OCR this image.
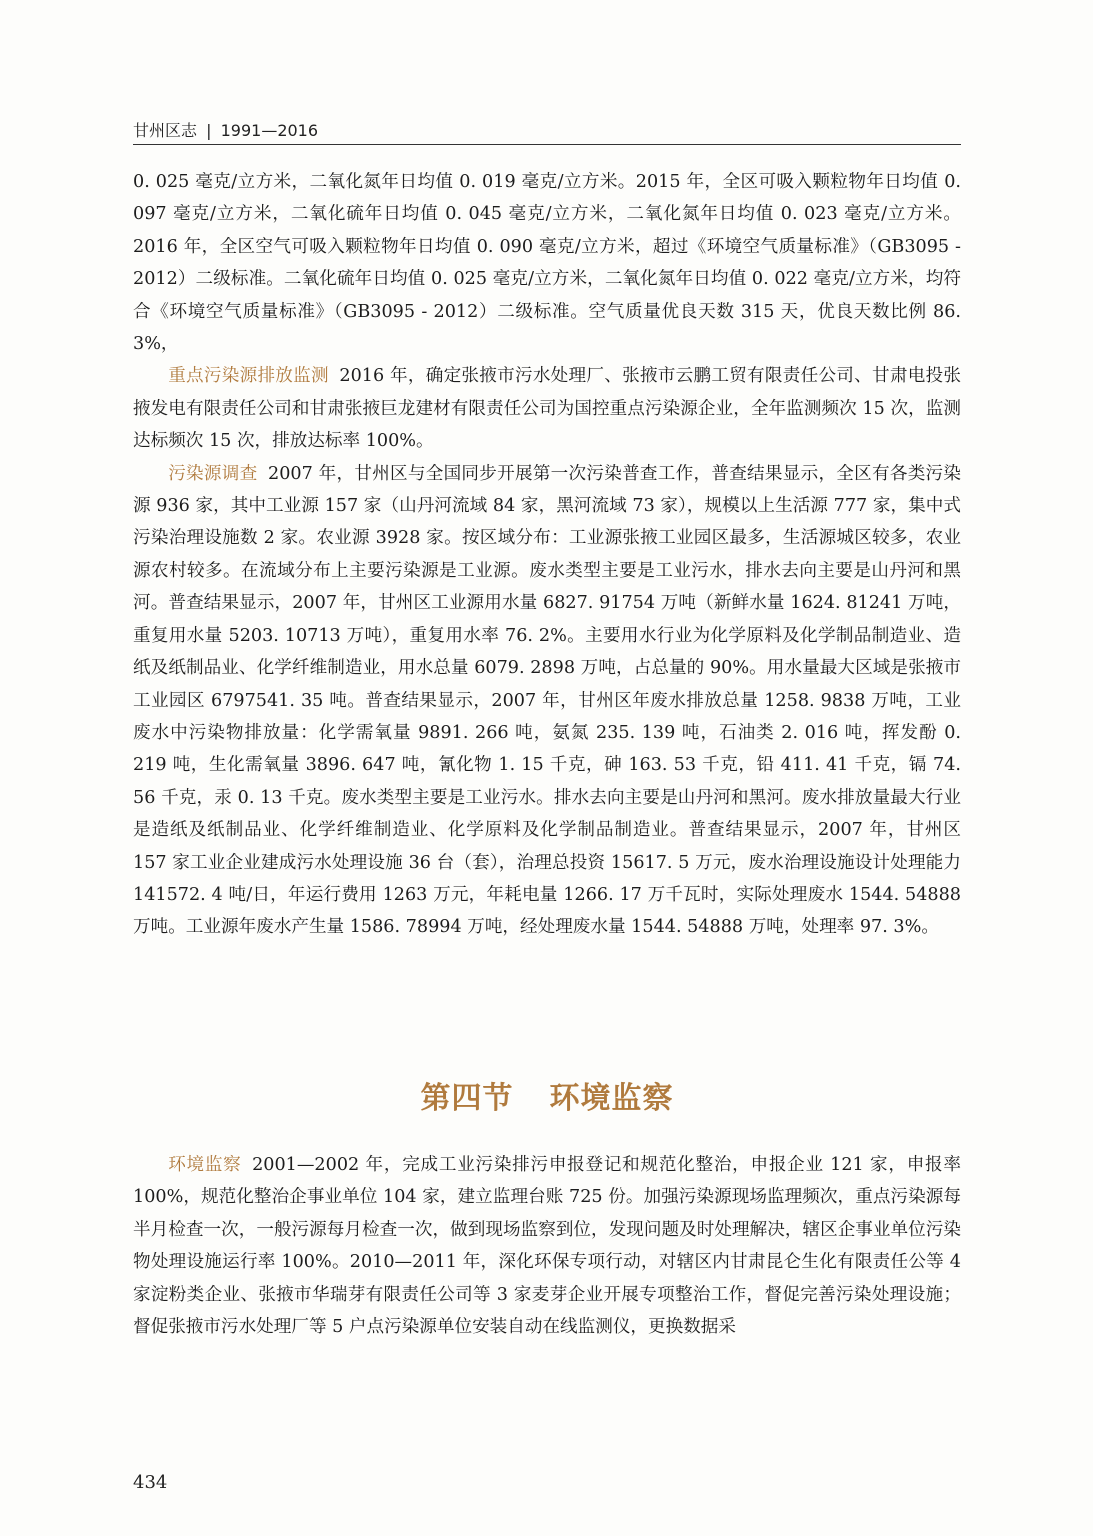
甘州区志 | 1991—2016

0. 025 毫克/立方米，二氧化氮年日均值 0. 019 毫克/立方米。2015 年，全区可吸入颗粒物年日均值 0. 097 毫克/立方米，二氧化硫年日均值 0. 045 毫克/立方米，二氧化氮年日均值 0. 023 毫克/立方米。2016 年，全区空气可吸入颗粒物年日均值 0. 090 毫克/立方米，超过《环境空气质量标准》（GB3095 - 2012）二级标准。二氧化硫年日均值 0. 025 毫克/立方米，二氧化氮年日均值 0. 022 毫克/立方米，均符合《环境空气质量标准》（GB3095 - 2012）二级标准。空气质量优良天数 315 天，优良天数比例 86. 3%，

重点污染源排放监测 2016 年，确定张掖市污水处理厂、张掖市云鹏工贸有限责任公司、甘肃电投张掖发电有限责任公司和甘肃张掖巨龙建材有限责任公司为国控重点污染源企业，全年监测频次 15 次，监测达标频次 15 次，排放达标率 100%。

污染源调查 2007 年，甘州区与全国同步开展第一次污染普查工作，普查结果显示，全区有各类污染源 936 家，其中工业源 157 家（山丹河流域 84 家，黑河流域 73 家），规模以上生活源 777 家，集中式污染治理设施数 2 家。农业源 3928 家。按区域分布：工业源张掖工业园区最多，生活源城区较多，农业源农村较多。在流域分布上主要污染源是工业源。废水类型主要是工业污水，排水去向主要是山丹河和黑河。普查结果显示，2007 年，甘州区工业源用水量 6827. 91754 万吨（新鲜水量 1624. 81241 万吨，重复用水量 5203. 10713 万吨），重复用水率 76. 2%。主要用水行业为化学原料及化学制品制造业、造纸及纸制品业、化学纤维制造业，用水总量 6079. 2898 万吨，占总量的 90%。用水量最大区域是张掖市工业园区 6797541. 35 吨。普查结果显示，2007 年，甘州区年废水排放总量 1258. 9838 万吨，工业废水中污染物排放量：化学需氧量 9891. 266 吨，氨氮 235. 139 吨，石油类 2. 016 吨，挥发酚 0. 219 吨，生化需氧量 3896. 647 吨，氰化物 1. 15 千克，砷 163. 53 千克，铅 411. 41 千克，镉 74. 56 千克，汞 0. 13 千克。废水类型主要是工业污水。排水去向主要是山丹河和黑河。废水排放量最大行业是造纸及纸制品业、化学纤维制造业、化学原料及化学制品制造业。普查结果显示，2007 年，甘州区 157 家工业企业建成污水处理设施 36 台（套），治理总投资 15617. 5 万元，废水治理设施设计处理能力 141572. 4 吨/日，年运行费用 1263 万元，年耗电量 1266. 17 万千瓦时，实际处理废水 1544. 54888 万吨。工业源年废水产生量 1586. 78994 万吨，经处理废水量 1544. 54888 万吨，处理率 97. 3%。

第四节 环境监察

环境监察 2001—2002 年，完成工业污染排污申报登记和规范化整治，申报企业 121 家，申报率 100%，规范化整治企事业单位 104 家，建立监理台账 725 份。加强污染源现场监理频次，重点污染源每半月检查一次，一般污源每月检查一次，做到现场监察到位，发现问题及时处理解决，辖区企事业单位污染物处理设施运行率 100%。2010—2011 年，深化环保专项行动，对辖区内甘肃昆仑生化有限责任公等 4 家淀粉类企业、张掖市华瑞芽有限责任公司等 3 家麦芽企业开展专项整治工作，督促完善污染处理设施；督促张掖市污水处理厂等 5 户点污染源单位安装自动在线监测仪，更换数据采

434
